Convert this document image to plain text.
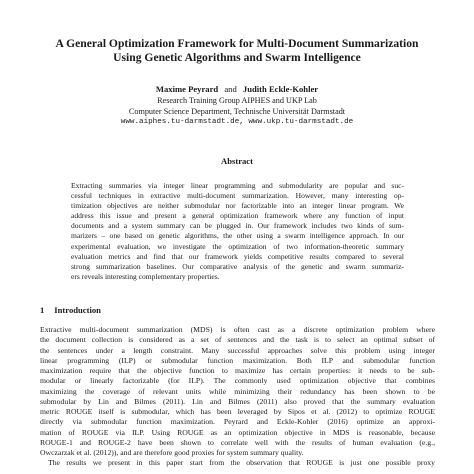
A General Optimization Framework for Multi-Document Summarization
Using Genetic Algorithms and Swarm Intelligence
Maxime Peyrard and Judith Eckle-Kohler
Research Training Group AIPHES and UKP Lab
Computer Science Department, Technische Universität Darmstadt
www.aiphes.tu-darmstadt.de, www.ukp.tu-darmstadt.de
Abstract
Extracting summaries via integer linear programming and submodularity are popular and suc-
cessful techniques in extractive multi-document summarization. However, many interesting op-
timization objectives are neither submodular nor factorizable into an integer linear program. We
address this issue and present a general optimization framework where any function of input
documents and a system summary can be plugged in. Our framework includes two kinds of sum-
marizers – one based on genetic algorithms, the other using a swarm intelligence approach. In our
experimental evaluation, we investigate the optimization of two information-theoretic summary
evaluation metrics and find that our framework yields competitive results compared to several
strong summarization baselines. Our comparative analysis of the genetic and swarm summariz-
ers reveals interesting complementary properties.
1 Introduction
Extractive multi-document summarization (MDS) is often cast as a discrete optimization problem where
the document collection is considered as a set of sentences and the task is to select an optimal subset of
the sentences under a length constraint. Many successful approaches solve this problem using integer
linear programming (ILP) or submodular function maximization. Both ILP and submodular function
maximization require that the objective function to maximize has certain properties: it needs to be sub-
modular or linearly factorizable (for ILP). The commonly used optimization objective that combines
maximizing the coverage of relevant units while minimizing their redundancy has been shown to be
submodular by Lin and Bilmes (2011). Lin and Bilmes (2011) also proved that the summary evaluation
metric ROUGE itself is submodular, which has been leveraged by Sipos et al. (2012) to optimize ROUGE
directly via submodular function maximization. Peyrard and Eckle-Kohler (2016) optimize an approxi-
mation of ROUGE via ILP. Using ROUGE as an optimization objective in MDS is reasonable, because
ROUGE-1 and ROUGE-2 have been shown to correlate well with the results of human evaluation (e.g.,
Owczarzak et al. (2012)), and are therefore good proxies for system summary quality.
The results we present in this paper start from the observation that ROUGE is just one possible proxy
